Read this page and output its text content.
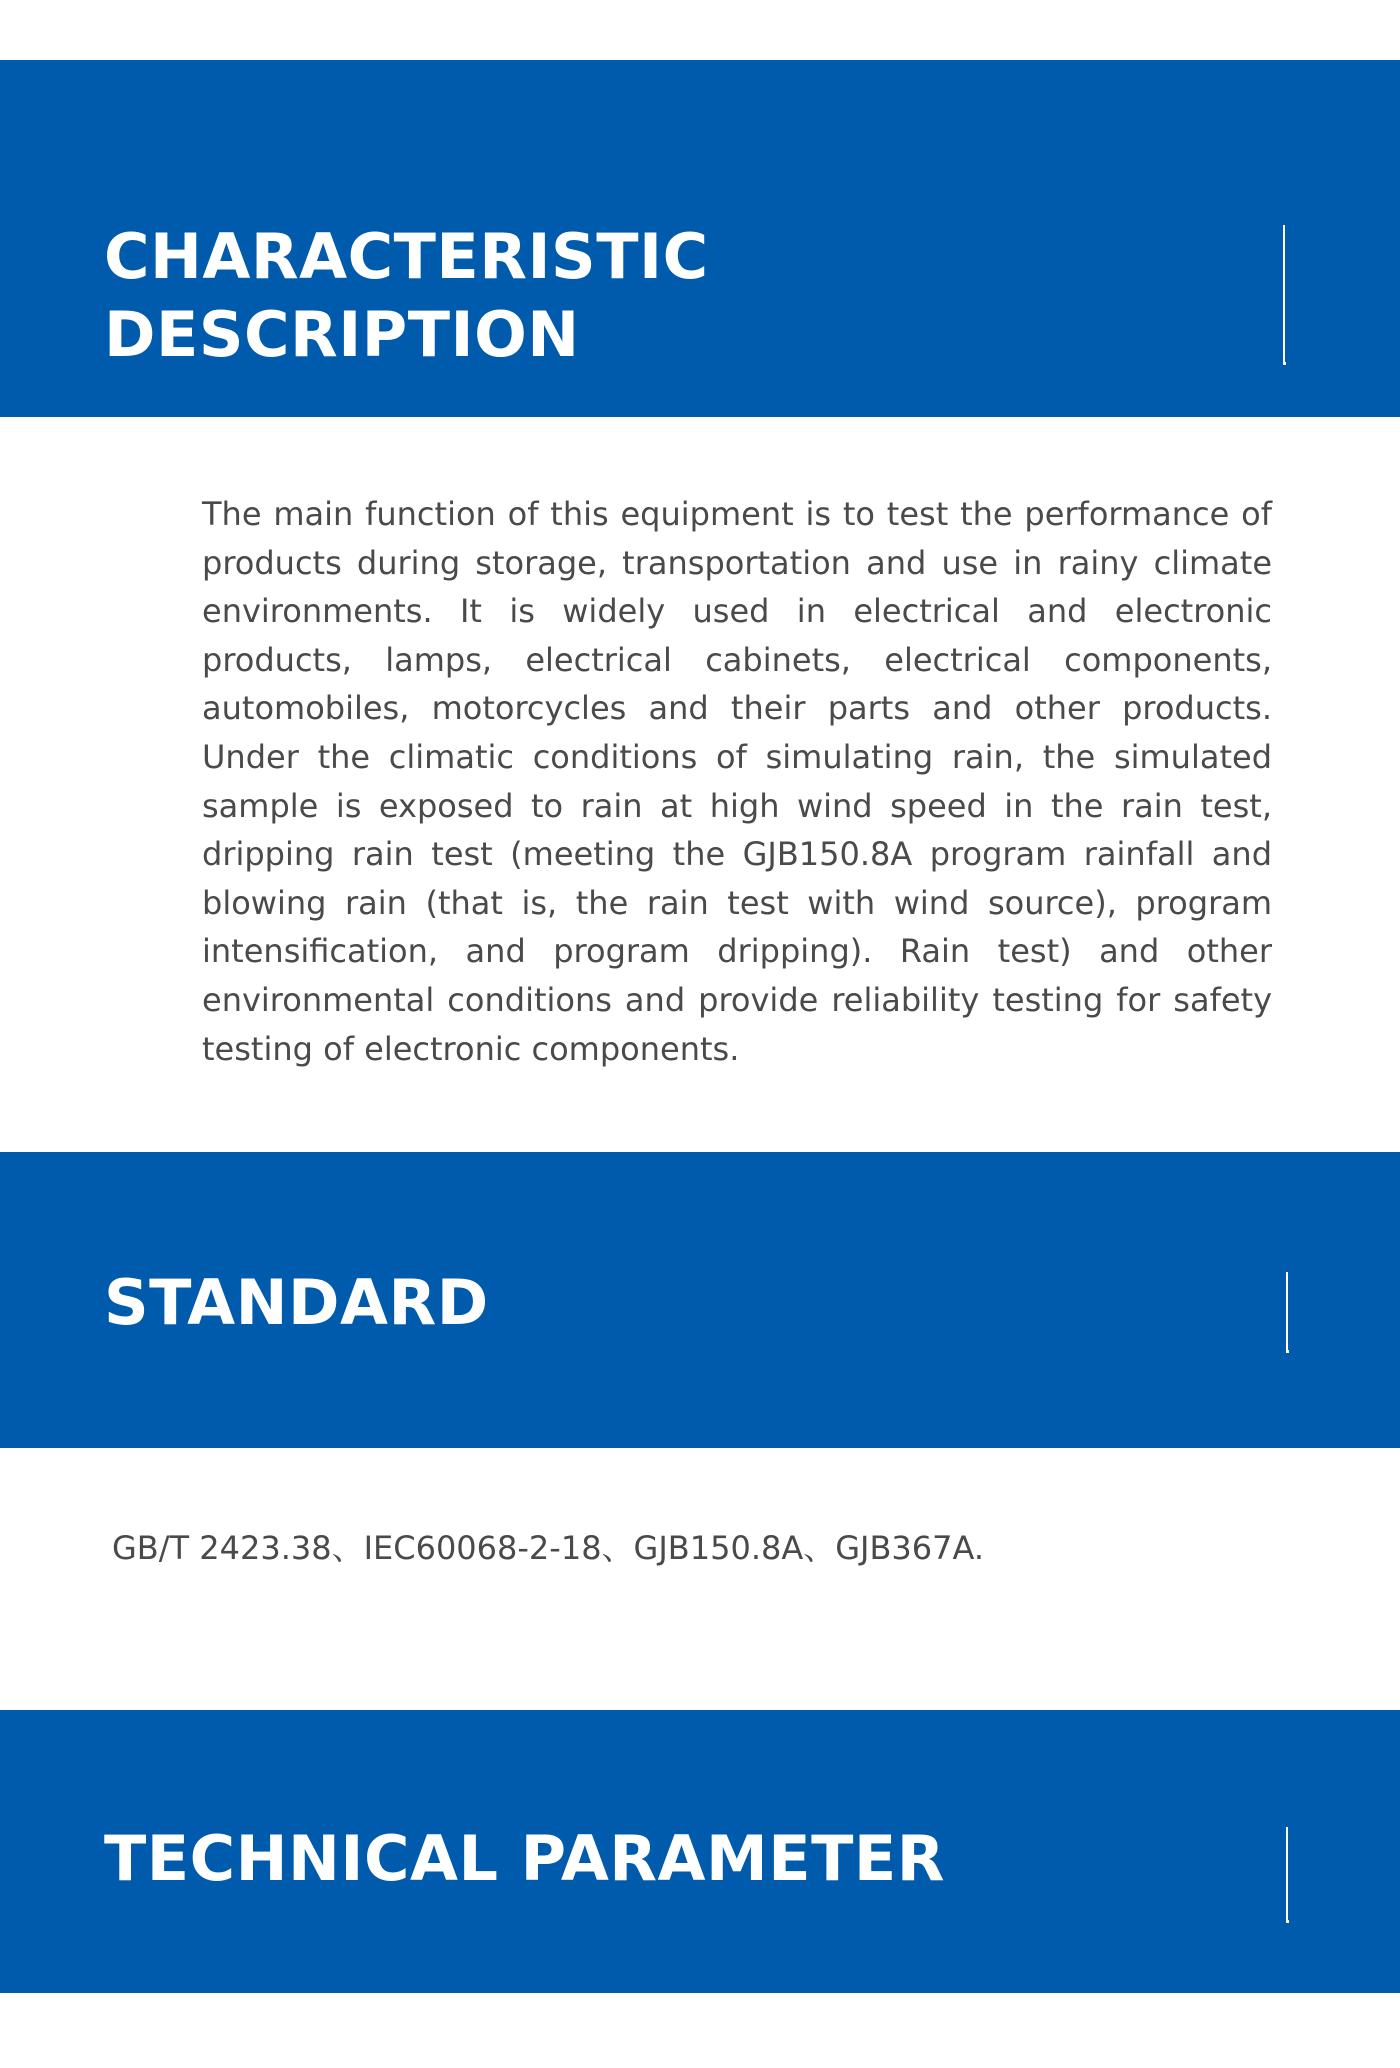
CHARACTERISTIC
DESCRIPTION

The main function of this equipment is to test the performance of products during storage, transportation and use in rainy climate environments. It is widely used in electrical and electronic products, lamps, electrical cabinets, electrical components, automobiles, motorcycles and their parts and other products. Under the climatic conditions of simulating rain, the simulated sample is exposed to rain at high wind speed in the rain test, dripping rain test (meeting the GJB150.8A program rainfall and blowing rain (that is, the rain test with wind source), program intensification, and program dripping). Rain test) and other environmental conditions and provide reliability testing for safety testing of electronic components.

STANDARD

GB/T 2423.38、IEC60068-2-18、GJB150.8A、GJB367A.

TECHNICAL PARAMETER
